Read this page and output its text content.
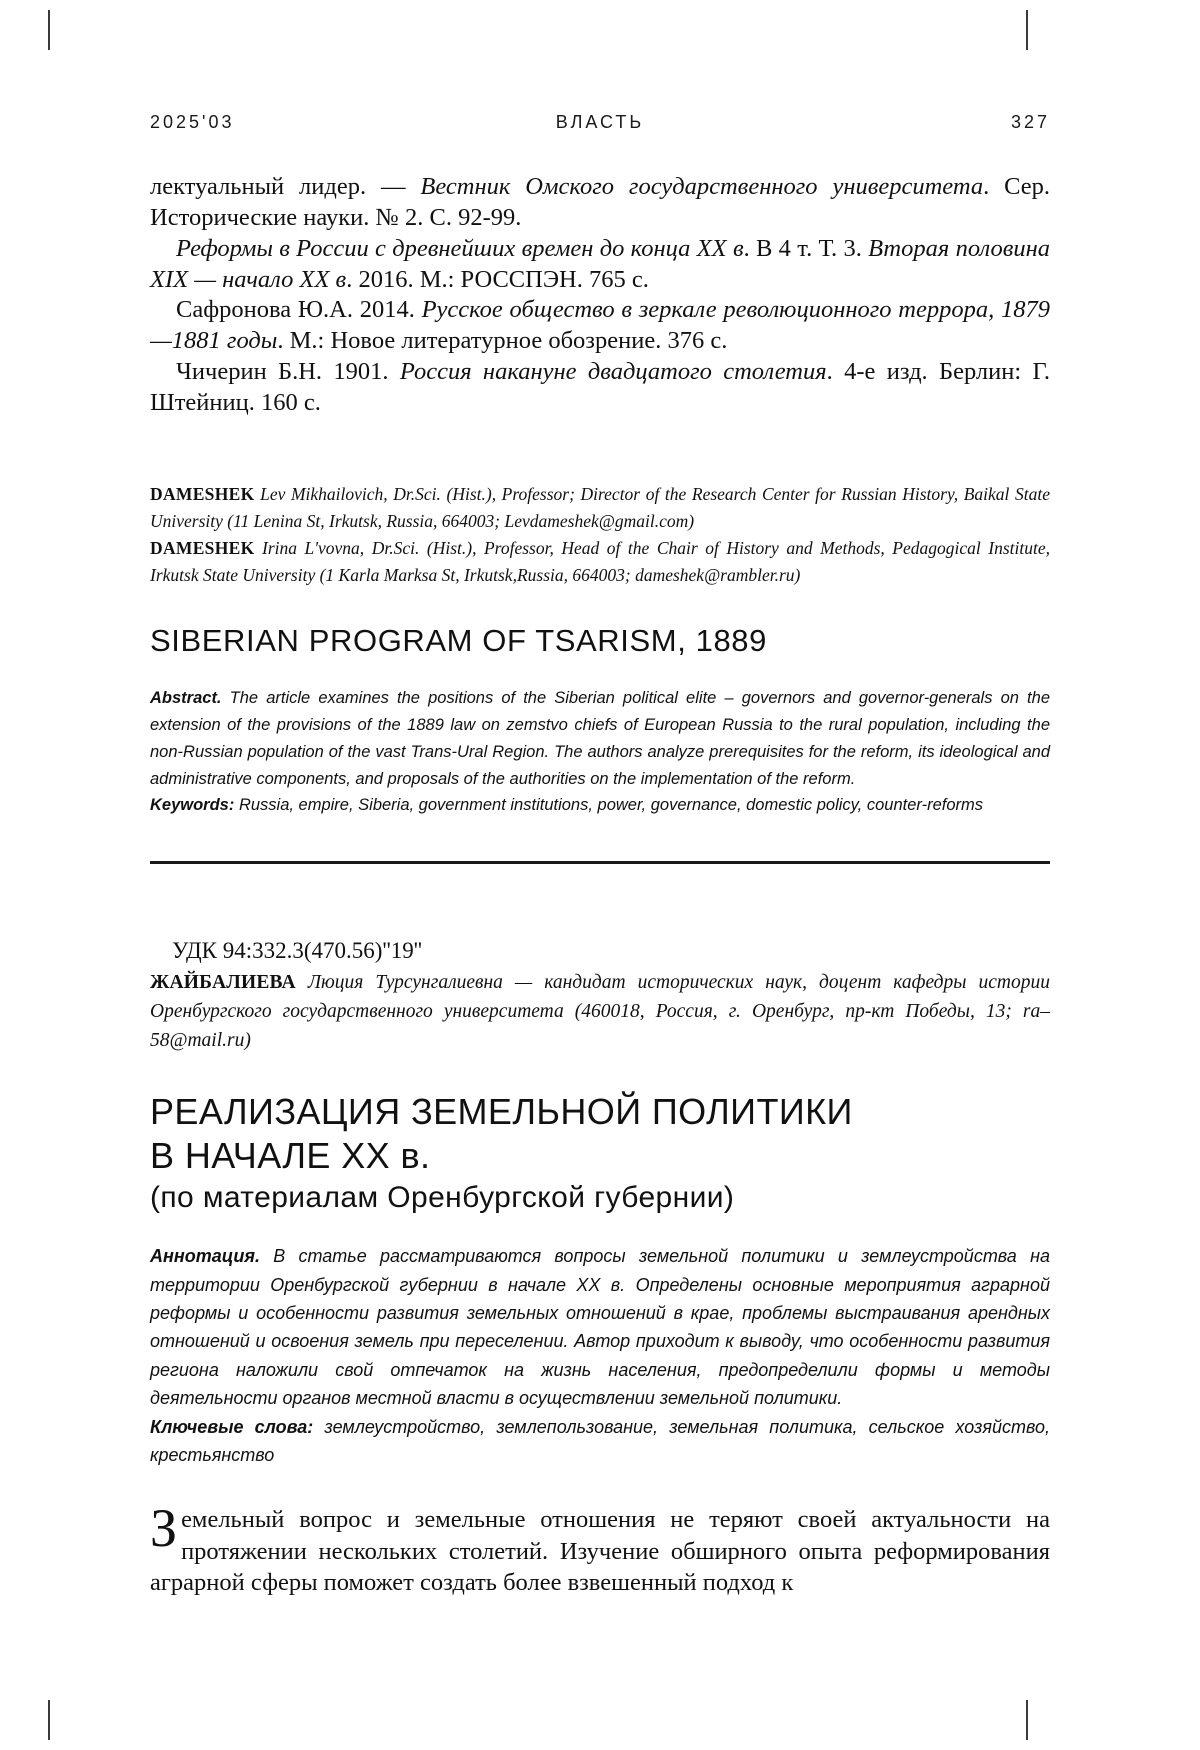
2025'03	ВЛАСТЬ	327

лектуальный лидер. — Вестник Омского государственного университета. Сер. Исторические науки. № 2. С. 92-99.

Реформы в России с древнейших времен до конца XX в. В 4 т. Т. 3. Вторая половина XIX — начало XX в. 2016. М.: РОССПЭН. 765 с.

Сафронова Ю.А. 2014. Русское общество в зеркале революционного террора, 1879—1881 годы. М.: Новое литературное обозрение. 376 с.

Чичерин Б.Н. 1901. Россия накануне двадцатого столетия. 4-е изд. Берлин: Г. Штейниц. 160 с.

DAMESHEK Lev Mikhailovich, Dr.Sci. (Hist.), Professor; Director of the Research Center for Russian History, Baikal State University (11 Lenina St, Irkutsk, Russia, 664003; Levdameshek@gmail.com)
DAMESHEK Irina L'vovna, Dr.Sci. (Hist.), Professor, Head of the Chair of History and Methods, Pedagogical Institute, Irkutsk State University (1 Karla Marksa St, Irkutsk,Russia, 664003; dameshek@rambler.ru)
SIBERIAN PROGRAM OF TSARISM, 1889
Abstract. The article examines the positions of the Siberian political elite – governors and governor-generals on the extension of the provisions of the 1889 law on zemstvo chiefs of European Russia to the rural population, including the non-Russian population of the vast Trans-Ural Region. The authors analyze prerequisites for the reform, its ideological and administrative components, and proposals of the authorities on the implementation of the reform.
Keywords: Russia, empire, Siberia, government institutions, power, governance, domestic policy, counter-reforms
УДК 94:332.3(470.56)''19''
ЖАЙБАЛИЕВА Люция Турсунгалиевна — кандидат исторических наук, доцент кафедры истории Оренбургского государственного университета (460018, Россия, г. Оренбург, пр-кт Победы, 13; ra–58@mail.ru)
РЕАЛИЗАЦИЯ ЗЕМЕЛЬНОЙ ПОЛИТИКИ
В НАЧАЛЕ XX в.
(по материалам Оренбургской губернии)
Аннотация. В статье рассматриваются вопросы земельной политики и землеустройства на территории Оренбургской губернии в начале XX в. Определены основные мероприятия аграрной реформы и особенности развития земельных отношений в крае, проблемы выстраивания арендных отношений и освоения земель при переселении. Автор приходит к выводу, что особенности развития региона наложили свой отпечаток на жизнь населения, предопределили формы и методы деятельности органов местной власти в осуществлении земельной политики.
Ключевые слова: землеустройство, землепользование, земельная политика, сельское хозяйство, крестьянство
Земельный вопрос и земельные отношения не теряют своей актуальности на протяжении нескольких столетий. Изучение обширного опыта реформирования аграрной сферы поможет создать более взвешенный подход к
